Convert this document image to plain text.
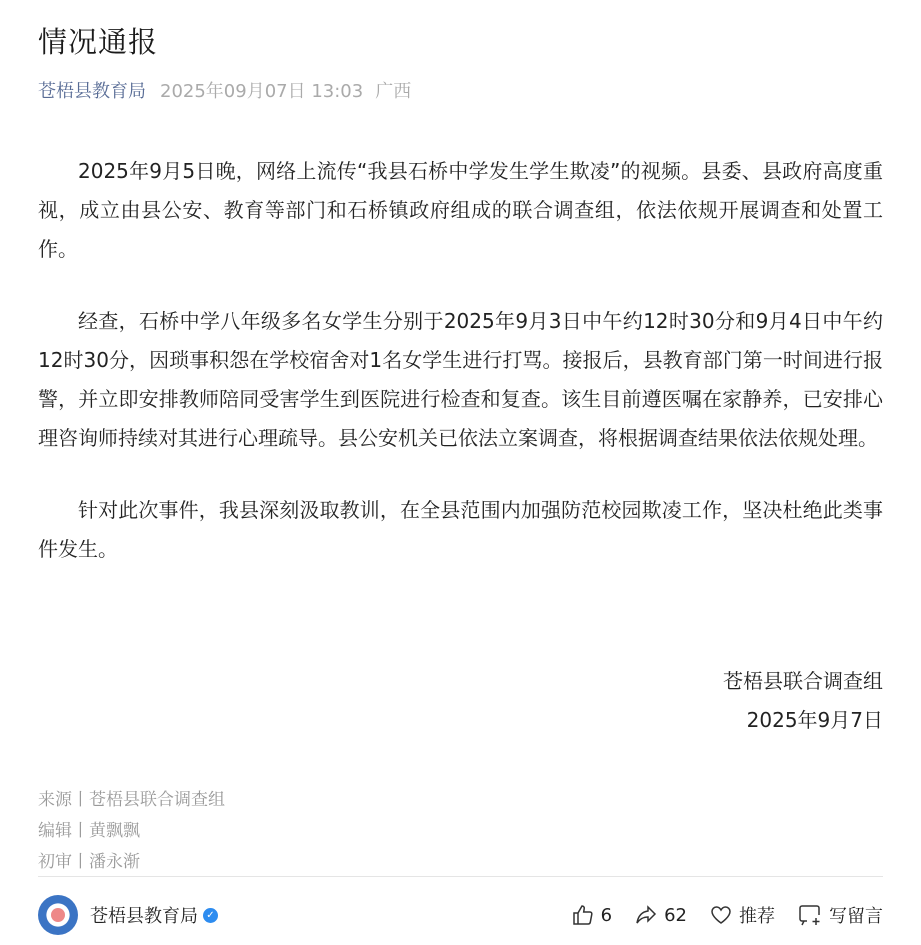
情况通报
苍梧县教育局 2025年09月07日 13:03 广西

2025年9月5日晚，网络上流传“我县石桥中学发生学生欺凌”的视频。县委、县政府高度重视，成立由县公安、教育等部门和石桥镇政府组成的联合调查组，依法依规开展调查和处置工作。

经查，石桥中学八年级多名女学生分别于2025年9月3日中午约12时30分和9月4日中午约12时30分，因琐事积怨在学校宿舍对1名女学生进行打骂。接报后，县教育部门第一时间进行报警，并立即安排教师陪同受害学生到医院进行检查和复查。该生目前遵医嘱在家静养，已安排心理咨询师持续对其进行心理疏导。县公安机关已依法立案调查，将根据调查结果依法依规处理。

针对此次事件，我县深刻汲取教训，在全县范围内加强防范校园欺凌工作，坚决杜绝此类事件发生。

苍梧县联合调查组
2025年9月7日
来源丨苍梧县联合调查组
编辑丨黄飘飘
初审丨潘永渐
苍梧县教育局 ✓	6	62	推荐	写留言
